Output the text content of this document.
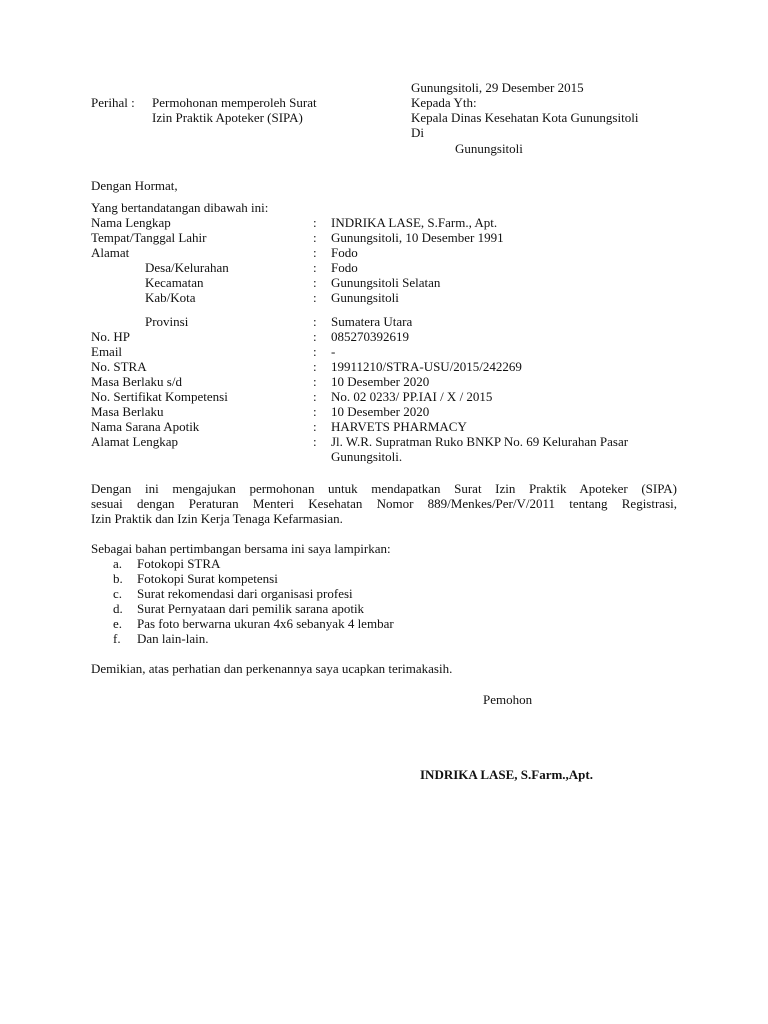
Gunungsitoli, 29 Desember 2015
Perihal : Permohonan memperoleh Surat
Izin Praktik Apoteker (SIPA)
Kepada Yth:
Kepala Dinas Kesehatan Kota Gunungsitoli
Di
Gunungsitoli
Dengan Hormat,
Yang bertandatangan dibawah ini:
Nama Lengkap	: INDRIKA LASE, S.Farm., Apt.
Tempat/Tanggal Lahir	: Gunungsitoli, 10 Desember 1991
Alamat	: Fodo
Desa/Kelurahan	: Fodo
Kecamatan	: Gunungsitoli Selatan
Kab/Kota	: Gunungsitoli
Provinsi	: Sumatera Utara
No. HP	: 085270392619
Email	: -
No. STRA	: 19911210/STRA-USU/2015/242269
Masa Berlaku s/d	: 10 Desember 2020
No. Sertifikat Kompetensi	: No. 02 0233/ PP.IAI / X / 2015
Masa Berlaku	: 10 Desember 2020
Nama Sarana Apotik	: HARVETS PHARMACY
Alamat Lengkap	: Jl. W.R. Supratman Ruko BNKP No. 69 Kelurahan Pasar
Gunungsitoli.
Dengan ini mengajukan permohonan untuk mendapatkan Surat Izin Praktik Apoteker (SIPA)
sesuai dengan Peraturan Menteri Kesehatan Nomor 889/Menkes/Per/V/2011 tentang Registrasi,
Izin Praktik dan Izin Kerja Tenaga Kefarmasian.
Sebagai bahan pertimbangan bersama ini saya lampirkan:
a. Fotokopi STRA
b. Fotokopi Surat kompetensi
c. Surat rekomendasi dari organisasi profesi
d. Surat Pernyataan dari pemilik sarana apotik
e. Pas foto berwarna ukuran 4x6 sebanyak 4 lembar
f. Dan lain-lain.
Demikian, atas perhatian dan perkenannya saya ucapkan terimakasih.
Pemohon
INDRIKA LASE, S.Farm.,Apt.
